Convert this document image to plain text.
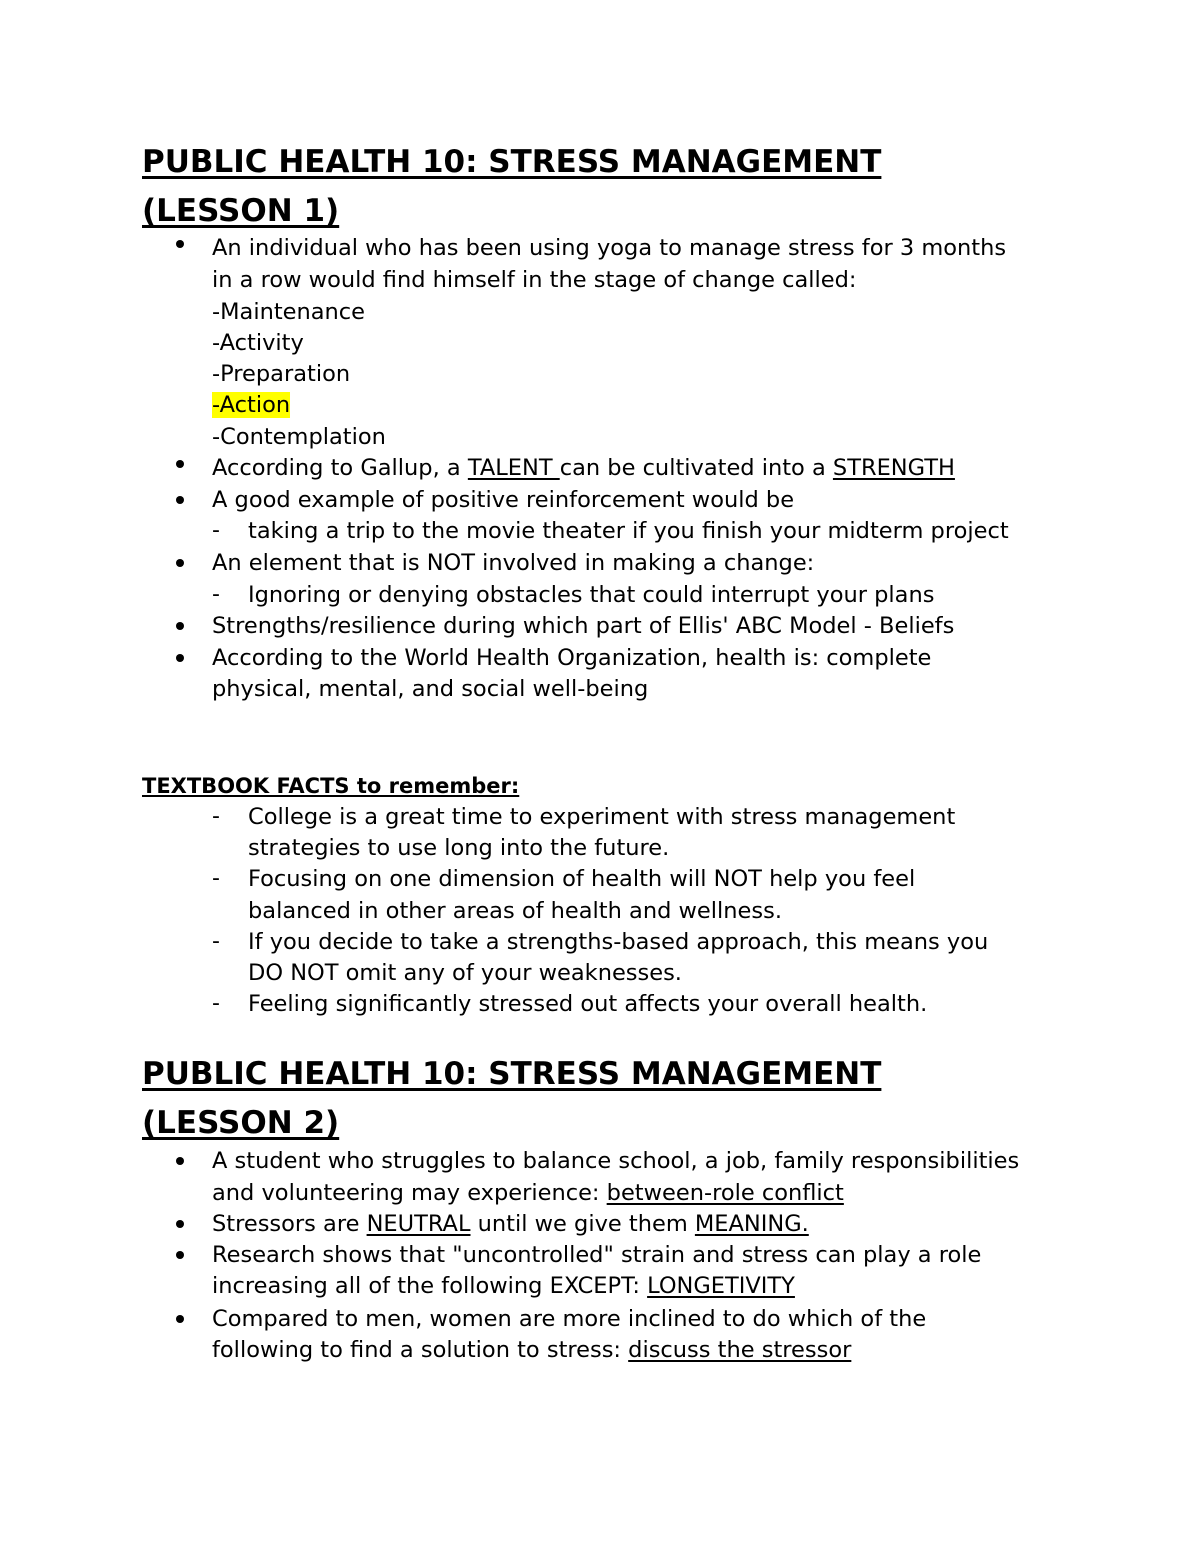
PUBLIC HEALTH 10: STRESS MANAGEMENT
(LESSON 1)
An individual who has been using yoga to manage stress for 3 months
in a row would find himself in the stage of change called:
-Maintenance
-Activity
-Preparation
-Action
-Contemplation
According to Gallup, a TALENT can be cultivated into a STRENGTH
A good example of positive reinforcement would be
- taking a trip to the movie theater if you finish your midterm project
An element that is NOT involved in making a change:
- Ignoring or denying obstacles that could interrupt your plans
Strengths/resilience during which part of Ellis' ABC Model - Beliefs
According to the World Health Organization, health is: complete
physical, mental, and social well-being
TEXTBOOK FACTS to remember:
- College is a great time to experiment with stress management
strategies to use long into the future.
- Focusing on one dimension of health will NOT help you feel
balanced in other areas of health and wellness.
- If you decide to take a strengths-based approach, this means you
DO NOT omit any of your weaknesses.
- Feeling significantly stressed out affects your overall health.
PUBLIC HEALTH 10: STRESS MANAGEMENT
(LESSON 2)
A student who struggles to balance school, a job, family responsibilities
and volunteering may experience: between-role conflict
Stressors are NEUTRAL until we give them MEANING.
Research shows that "uncontrolled" strain and stress can play a role
increasing all of the following EXCEPT: LONGETIVITY
Compared to men, women are more inclined to do which of the
following to find a solution to stress: discuss the stressor
